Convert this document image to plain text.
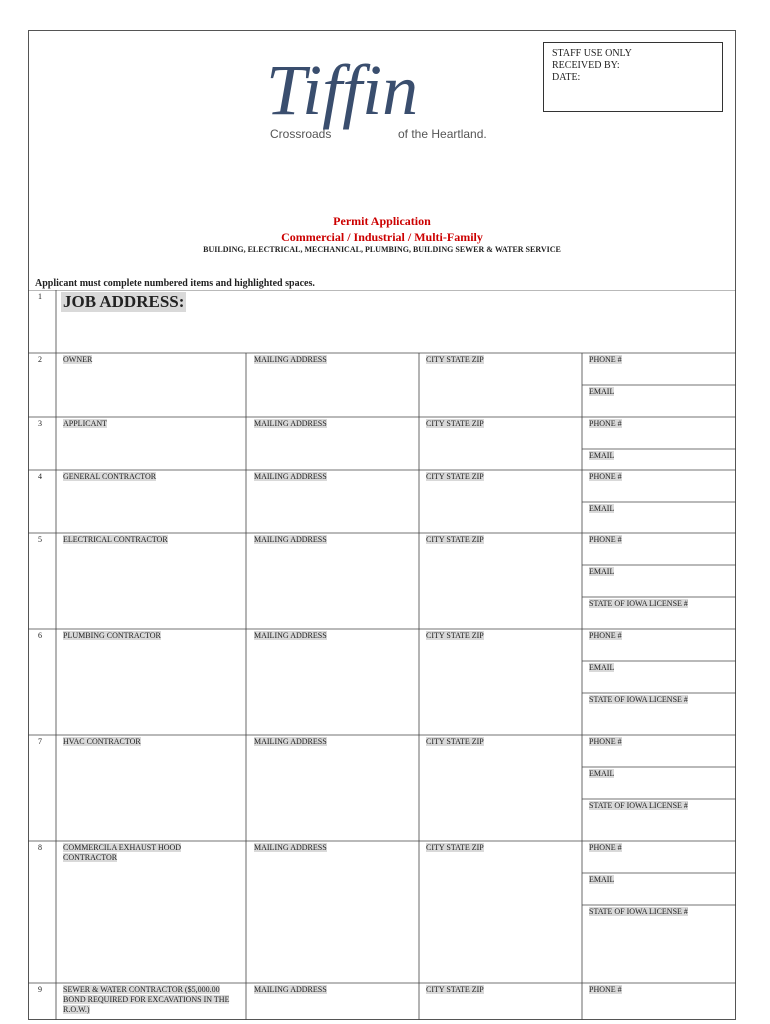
STAFF USE ONLY
RECEIVED BY:
DATE:
Tiffin
Crossroads	of the Heartland.
Permit Application
Commercial / Industrial / Multi-Family
BUILDING, ELECTRICAL, MECHANICAL, PLUMBING, BUILDING SEWER & WATER SERVICE
Applicant must complete numbered items and highlighted spaces.
1	JOB ADDRESS:
2	OWNER	MAILING ADDRESS	CITY STATE ZIP	PHONE #
EMAIL
3	APPLICANT	MAILING ADDRESS	CITY STATE ZIP	PHONE #
EMAIL
4	GENERAL CONTRACTOR	MAILING ADDRESS	CITY STATE ZIP	PHONE #
EMAIL
5	ELECTRICAL CONTRACTOR	MAILING ADDRESS	CITY STATE ZIP	PHONE #
EMAIL
STATE OF IOWA LICENSE #
6	PLUMBING CONTRACTOR	MAILING ADDRESS	CITY STATE ZIP	PHONE #
EMAIL
STATE OF IOWA LICENSE #
7	HVAC CONTRACTOR	MAILING ADDRESS	CITY STATE ZIP	PHONE #
EMAIL
STATE OF IOWA LICENSE #
8	COMMERCILA EXHAUST HOOD CONTRACTOR
MAILING ADDRESS	CITY STATE ZIP	PHONE #
EMAIL
STATE OF IOWA LICENSE #
9	SEWER & WATER CONTRACTOR ($5,000.00 BOND REQUIRED FOR EXCAVATIONS IN THE R.O.W.)
MAILING ADDRESS	CITY STATE ZIP	PHONE #
